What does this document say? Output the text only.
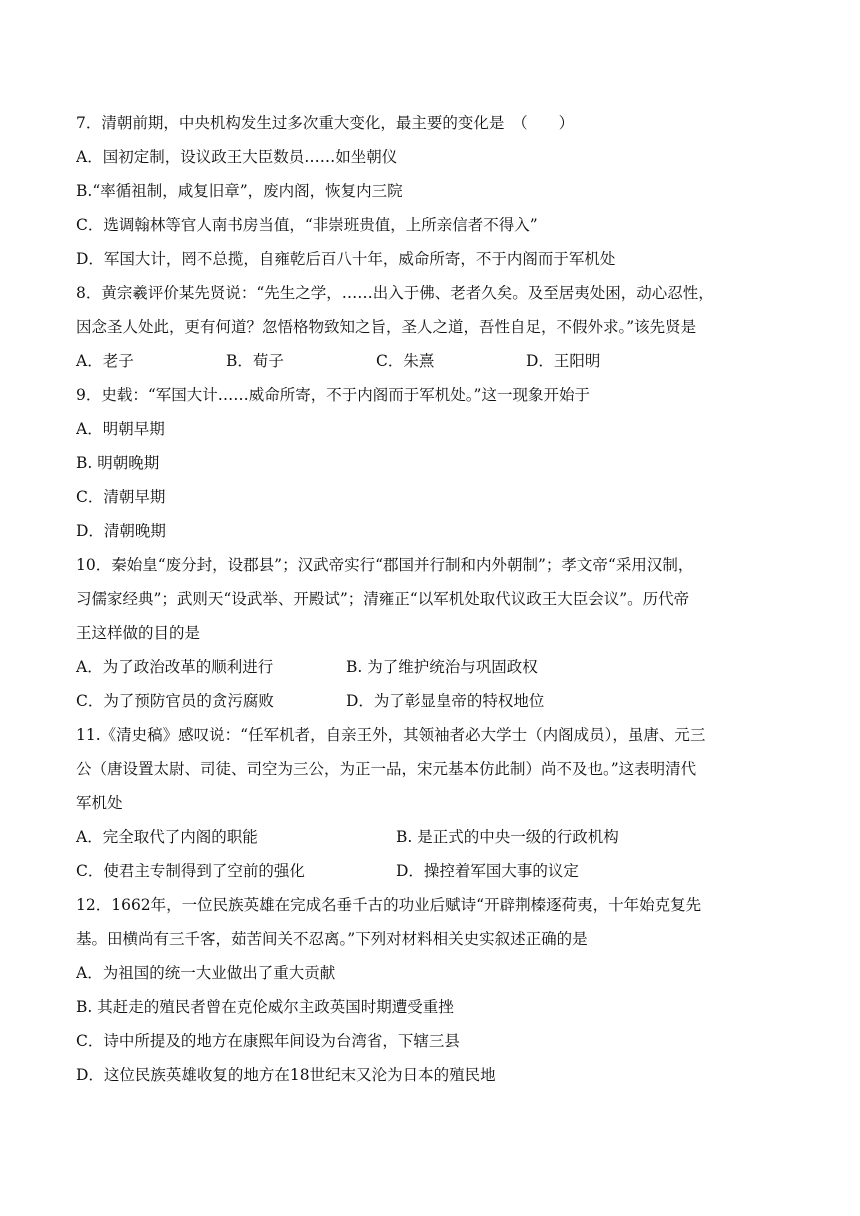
7．清朝前期，中央机构发生过多次重大变化，最主要的变化是　（　　）
A．国初定制，设议政王大臣数员……如坐朝仪
B.“率循祖制，咸复旧章”，废内阁，恢复内三院
C．选调翰林等官人南书房当值，“非崇班贵值，上所亲信者不得入”
D．军国大计，罔不总揽，自雍乾后百八十年，威命所寄，不于内阁而于军机处
8．黄宗羲评价某先贤说：“先生之学，……出入于佛、老者久矣。及至居夷处困，动心忍性，
因念圣人处此，更有何道？忽悟格物致知之旨，圣人之道，吾性自足，不假外求。”该先贤是
A．老子	B．荀子	C．朱熹	D．王阳明
9．史载：“军国大计……威命所寄，不于内阁而于军机处。”这一现象开始于
A．明朝早期
B. 明朝晚期
C．清朝早期
D．清朝晚期
10．秦始皇“废分封，设郡县”；汉武帝实行“郡国并行制和内外朝制”；孝文帝“采用汉制，
习儒家经典”；武则天“设武举、开殿试”；清雍正“以军机处取代议政王大臣会议”。历代帝
王这样做的目的是
A．为了政治改革的顺利进行	B. 为了维护统治与巩固政权
C．为了预防官员的贪污腐败	D．为了彰显皇帝的特权地位
11.《清史稿》感叹说：“任军机者，自亲王外，其领袖者必大学士（内阁成员），虽唐、元三
公（唐设置太尉、司徒、司空为三公，为正一品，宋元基本仿此制）尚不及也。”这表明清代
军机处
A．完全取代了内阁的职能	B. 是正式的中央一级的行政机构
C．使君主专制得到了空前的强化	D．操控着军国大事的议定
12．1662年，一位民族英雄在完成名垂千古的功业后赋诗“开辟荆榛逐荷夷，十年始克复先
基。田横尚有三千客，茹苦间关不忍离。”下列对材料相关史实叙述正确的是
A．为祖国的统一大业做出了重大贡献
B. 其赶走的殖民者曾在克伦威尔主政英国时期遭受重挫
C．诗中所提及的地方在康熙年间设为台湾省，下辖三县
D．这位民族英雄收复的地方在18世纪末又沦为日本的殖民地
